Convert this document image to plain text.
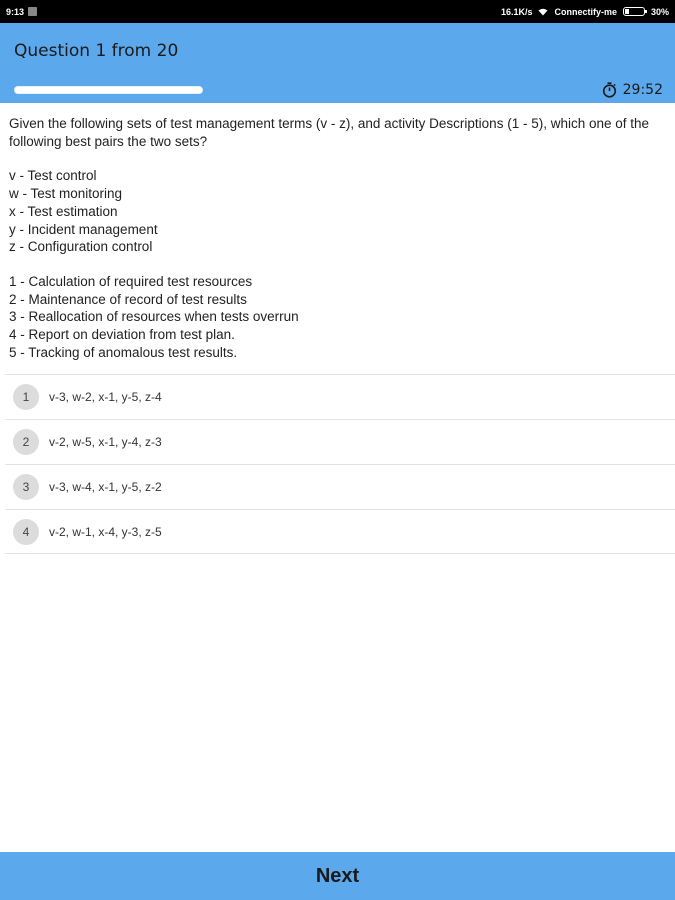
9:13	16.1K/s Connectify-me	30%
Question 1 from 20
29:52

Given the following sets of test management terms (v - z), and activity Descriptions (1 - 5), which one of the following best pairs the two sets?

v - Test control

w - Test monitoring

x - Test estimation

y - Incident management

z - Configuration control

1 - Calculation of required test resources

2 - Maintenance of record of test results

3 - Reallocation of resources when tests overrun

4 - Report on deviation from test plan.

5 - Tracking of anomalous test results.

1	v-3, w-2, x-1, y-5, z-4
2	v-2, w-5, x-1, y-4, z-3
3	v-3, w-4, x-1, y-5, z-2
4	v-2, w-1, x-4, y-3, z-5
Next
